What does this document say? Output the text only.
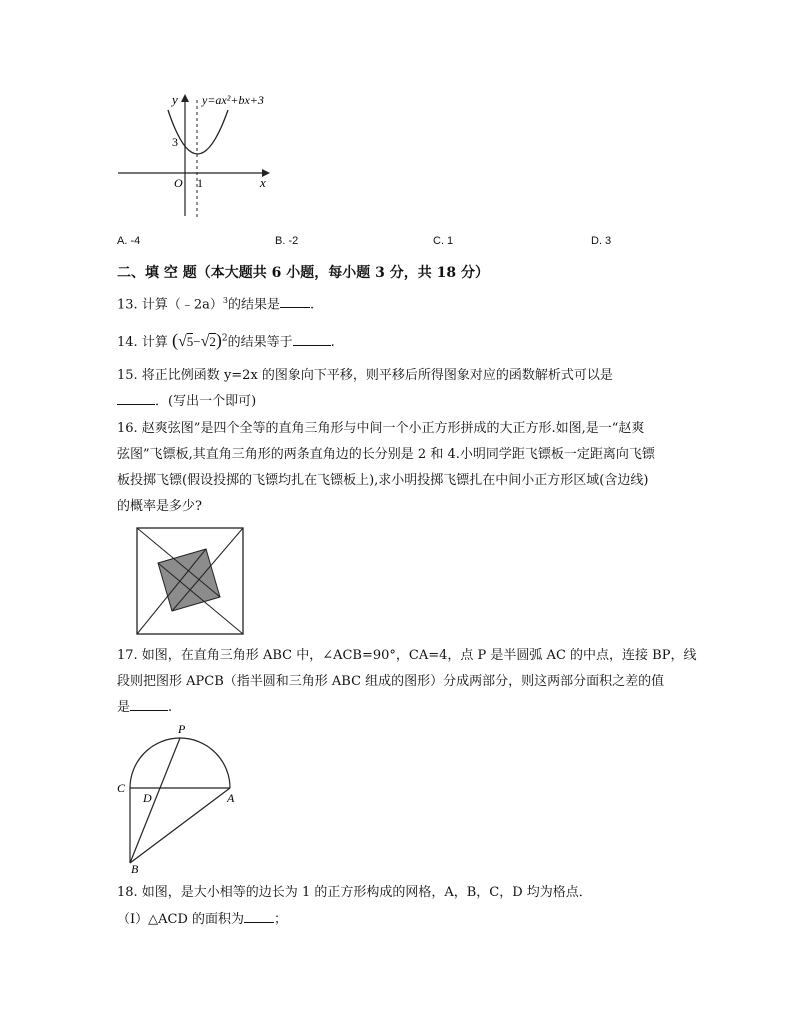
y y=ax²+bx+3
3
O 1	x
A. -4	B. -2	C. 1	D. 3
二、填 空 题（本大题共 6 小题，每小题 3 分，共 18 分）
13. 计算（﹣2a）$^3$的结果是 .
14. 计算 $(√5-√2)^2$的结果等于	.
15. 将正比例函数 y=2x 的图象向下平移，则平移后所得图象对应的函数解析式可以是
．(写出一个即可)
16. 赵爽弦图”是四个全等的直角三角形与中间一个小正方形拼成的大正方形.如图,是一“赵爽
弦图”飞镖板,其直角三角形的两条直角边的长分别是 2 和 4.小明同学距飞镖板一定距离向飞镖
板投掷飞镖(假设投掷的飞镖均扎在飞镖板上),求小明投掷飞镖扎在中间小正方形区域(含边线)
的概率是多少?
17. 如图，在直角三角形 ABC 中，∠ACB=90°，CA=4，点 P 是半圆弧 AC 的中点，连接 BP，线
段则把图形 APCB（指半圆和三角形 ABC 组成的图形）分成两部分，则这两部分面积之差的值
是	.
P
C
D	A
B
18. 如图，是大小相等的边长为 1 的正方形构成的网格，A，B，C，D 均为格点．
（I）△ACD 的面积为 ；
